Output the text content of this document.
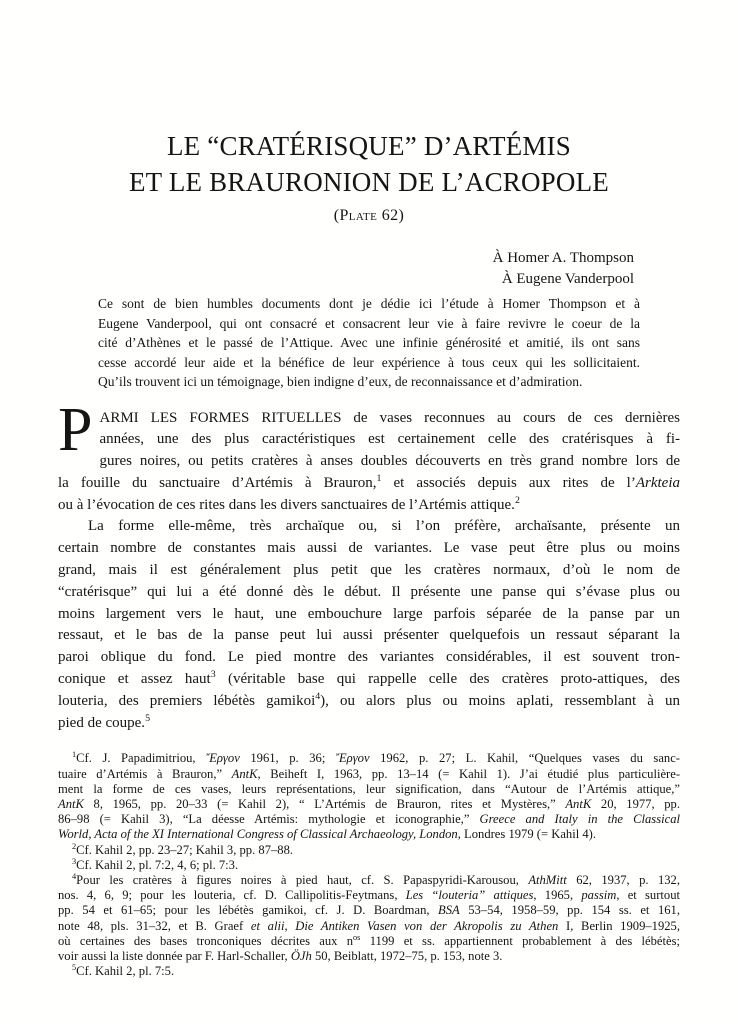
LE “CRATÉRISQUE” D’ARTÉMIS
ET LE BRAURONION DE L’ACROPOLE
(Plate 62)
À Homer A. Thompson
À Eugene Vanderpool
Ce sont de bien humbles documents dont je dédie ici l’étude à Homer Thompson et à
Eugene Vanderpool, qui ont consacré et consacrent leur vie à faire revivre le coeur de la
cité d’Athènes et le passé de l’Attique. Avec une infinie générosité et amitié, ils ont sans
cesse accordé leur aide et la bénéfice de leur expérience à tous ceux qui les sollicitaient.
Qu’ils trouvent ici un témoignage, bien indigne d’eux, de reconnaissance et d’admiration.
P ARMI LES FORMES RITUELLES de vases reconnues au cours de ces dernières
années, une des plus caractéristiques est certainement celle des cratérisques à fi-
gures noires, ou petits cratères à anses doubles découverts en très grand nombre lors de
la fouille du sanctuaire d’Artémis à Brauron,$^1$ et associés depuis aux rites de l’Arkteia
ou à l’évocation de ces rites dans les divers sanctuaires de l’Artémis attique.$^2$
La forme elle-même, très archaïque ou, si l’on préfère, archaïsante, présente un
certain nombre de constantes mais aussi de variantes. Le vase peut être plus ou moins
grand, mais il est généralement plus petit que les cratères normaux, d’où le nom de
“cratérisque” qui lui a été donné dès le début. Il présente une panse qui s’évase plus ou
moins largement vers le haut, une embouchure large parfois séparée de la panse par un
ressaut, et le bas de la panse peut lui aussi présenter quelquefois un ressaut séparant la
paroi oblique du fond. Le pied montre des variantes considérables, il est souvent tron-
conique et assez haut$^3$ (véritable base qui rappelle celle des cratères proto-attiques, des
louteria, des premiers lébétès gamikoi$^4$), ou alors plus ou moins aplati, ressemblant à un
pied de coupe.$^5$
$^1$Cf. J. Papadimitriou, Ἔργον 1961, p. 36; Ἔργον 1962, p. 27; L. Kahil, “Quelques vases du sanc-
tuaire d’Artémis à Brauron,” AntK, Beiheft I, 1963, pp. 13–14 (= Kahil 1). J’ai étudié plus particulière-
ment la forme de ces vases, leurs représentations, leur signification, dans “Autour de l’Artémis attique,”
AntK 8, 1965, pp. 20–33 (= Kahil 2), “ L’Artémis de Brauron, rites et Mystères,” AntK 20, 1977, pp.
86–98 (= Kahil 3), “La déesse Artémis: mythologie et iconographie,” Greece and Italy in the Classical
World, Acta of the XI International Congress of Classical Archaeology, London, Londres 1979 (= Kahil 4).
$^2$Cf. Kahil 2, pp. 23–27; Kahil 3, pp. 87–88.
$^3$Cf. Kahil 2, pl. 7:2, 4, 6; pl. 7:3.
$^4$Pour les cratères à figures noires à pied haut, cf. S. Papaspyridi-Karousou, AthMitt 62, 1937, p. 132,
nos. 4, 6, 9; pour les louteria, cf. D. Callipolitis-Feytmans, Les “louteria” attiques, 1965, passim, et surtout
pp. 54 et 61–65; pour les lébétès gamikoi, cf. J. D. Boardman, BSA 53–54, 1958–59, pp. 154 ss. et 161,
note 48, pls. 31–32, et B. Graef et alii, Die Antiken Vasen von der Akropolis zu Athen I, Berlin 1909–1925,
où certaines des bases tronconiques décrites aux $n^{os}$ 1199 et ss. appartiennent probablement à des lébétès;
voir aussi la liste donnée par F. Harl-Schaller, ÖJh 50, Beiblatt, 1972–75, p. 153, note 3.
$^5$Cf. Kahil 2, pl. 7:5.
